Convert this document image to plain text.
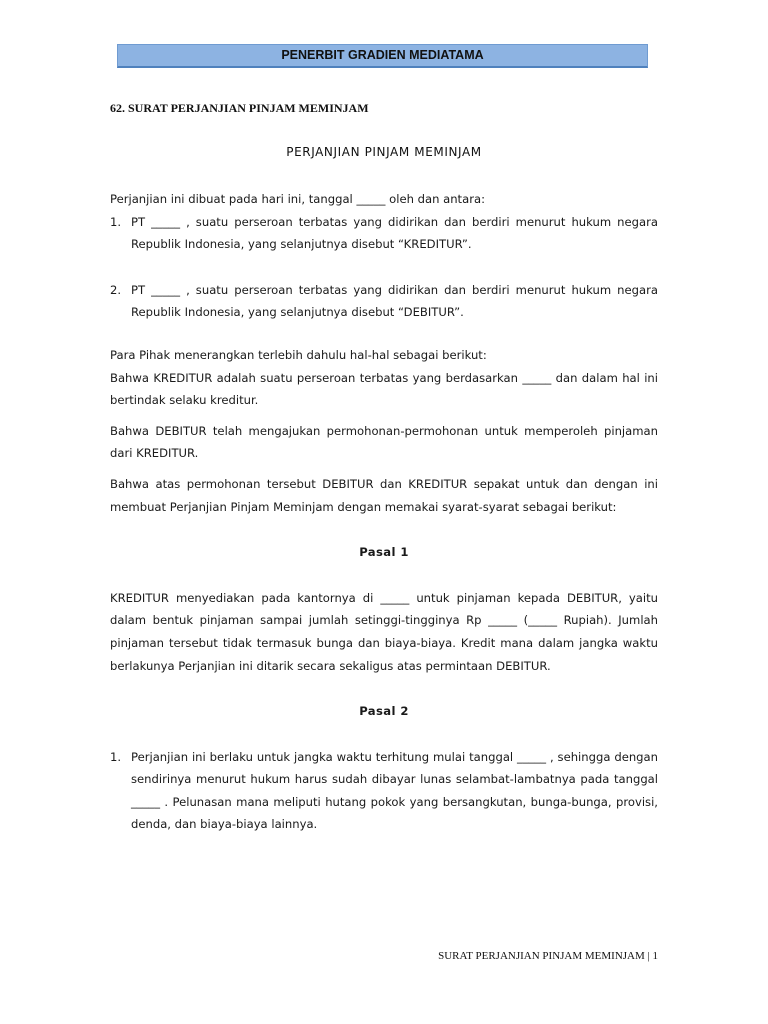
PENERBIT GRADIEN MEDIATAMA
62. SURAT PERJANJIAN PINJAM MEMINJAM
PERJANJIAN PINJAM MEMINJAM

Perjanjian ini dibuat pada hari ini, tanggal _____ oleh dan antara:

1. PT _____ , suatu perseroan terbatas yang didirikan dan berdiri menurut hukum negara Republik Indonesia, yang selanjutnya disebut “KREDITUR”.
2. PT _____ , suatu perseroan terbatas yang didirikan dan berdiri menurut hukum negara Republik Indonesia, yang selanjutnya disebut “DEBITUR”.

Para Pihak menerangkan terlebih dahulu hal-hal sebagai berikut:

Bahwa KREDITUR adalah suatu perseroan terbatas yang berdasarkan _____ dan dalam hal ini bertindak selaku kreditur.

Bahwa DEBITUR telah mengajukan permohonan-permohonan untuk memperoleh pinjaman dari KREDITUR.

Bahwa atas permohonan tersebut DEBITUR dan KREDITUR sepakat untuk dan dengan ini membuat Perjanjian Pinjam Meminjam dengan memakai syarat-syarat sebagai berikut:

Pasal 1

KREDITUR menyediakan pada kantornya di _____ untuk pinjaman kepada DEBITUR, yaitu dalam bentuk pinjaman sampai jumlah setinggi-tingginya Rp _____ (_____ Rupiah). Jumlah pinjaman tersebut tidak termasuk bunga dan biaya-biaya. Kredit mana dalam jangka waktu berlakunya Perjanjian ini ditarik secara sekaligus atas permintaan DEBITUR.

Pasal 2

1. Perjanjian ini berlaku untuk jangka waktu terhitung mulai tanggal _____ , sehingga dengan sendirinya menurut hukum harus sudah dibayar lunas selambat-lambatnya pada tanggal _____ . Pelunasan mana meliputi hutang pokok yang bersangkutan, bunga-bunga, provisi, denda, dan biaya-biaya lainnya.
SURAT PERJANJIAN PINJAM MEMINJAM | 1
